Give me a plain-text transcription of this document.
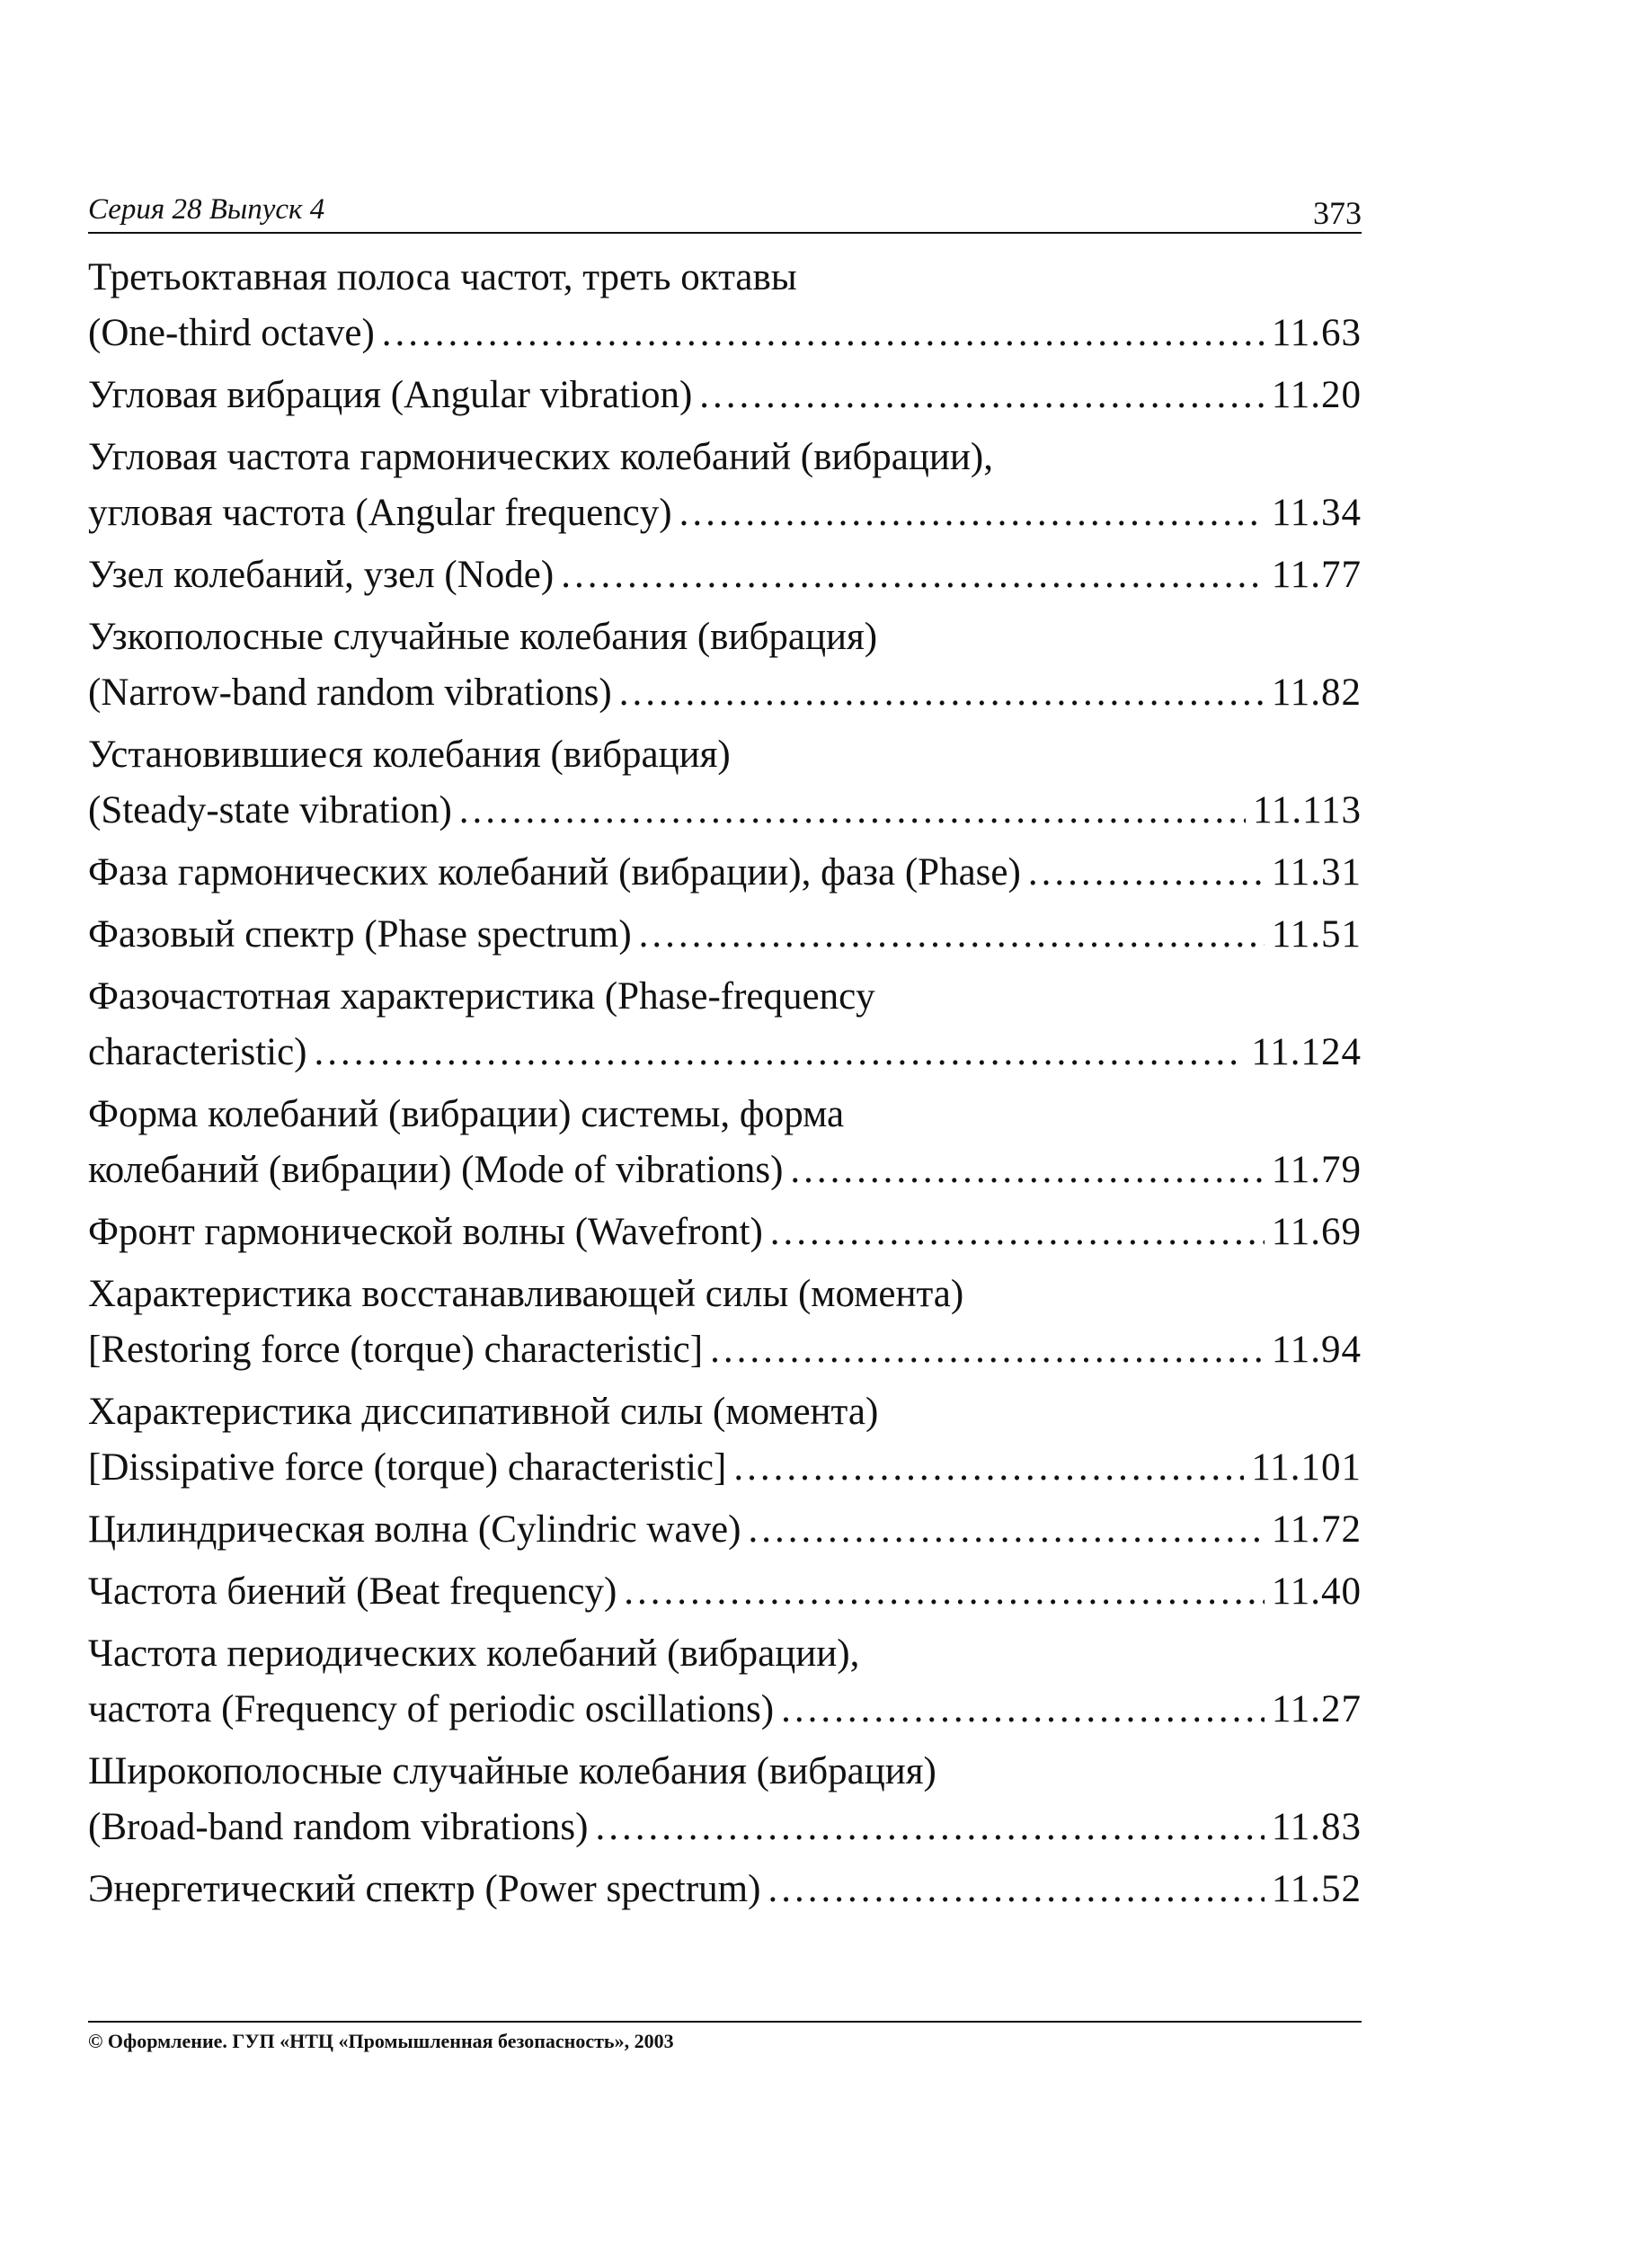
Серия 28 Выпуск 4	373
Третьоктавная полоса частот, треть октавы
(One-third octave) .....	11.63
Угловая вибрация (Angular vibration) .....	11.20
Угловая частота гармонических колебаний (вибрации),
угловая частота (Angular frequency) .....	11.34
Узел колебаний, узел (Node) .....	11.77
Узкополосные случайные колебания (вибрация)
(Narrow-band random vibrations) .....	11.82
Установившиеся колебания (вибрация)
(Steady-state vibration) .....	11.113
Фаза гармонических колебаний (вибрации), фаза (Phase) .....	11.31
Фазовый спектр (Phase spectrum) .....	11.51
Фазочастотная характеристика (Phase-frequency
characteristic) .....	11.124
Форма колебаний (вибрации) системы, форма
колебаний (вибрации) (Mode of vibrations) .....	11.79
Фронт гармонической волны (Wavefront) .....	11.69
Характеристика восстанавливающей силы (момента)
[Restoring force (torque) characteristic] .....	11.94
Характеристика диссипативной силы (момента)
[Dissipative force (torque) characteristic] .....	11.101
Цилиндрическая волна (Cylindric wave) .....	11.72
Частота биений (Beat frequency) .....	11.40
Частота периодических колебаний (вибрации),
частота (Frequency of periodic oscillations) .....	11.27
Широкополосные случайные колебания (вибрация)
(Broad-band random vibrations) .....	11.83
Энергетический спектр (Power spectrum) .....	11.52
© Оформление. ГУП «НТЦ «Промышленная безопасность», 2003
